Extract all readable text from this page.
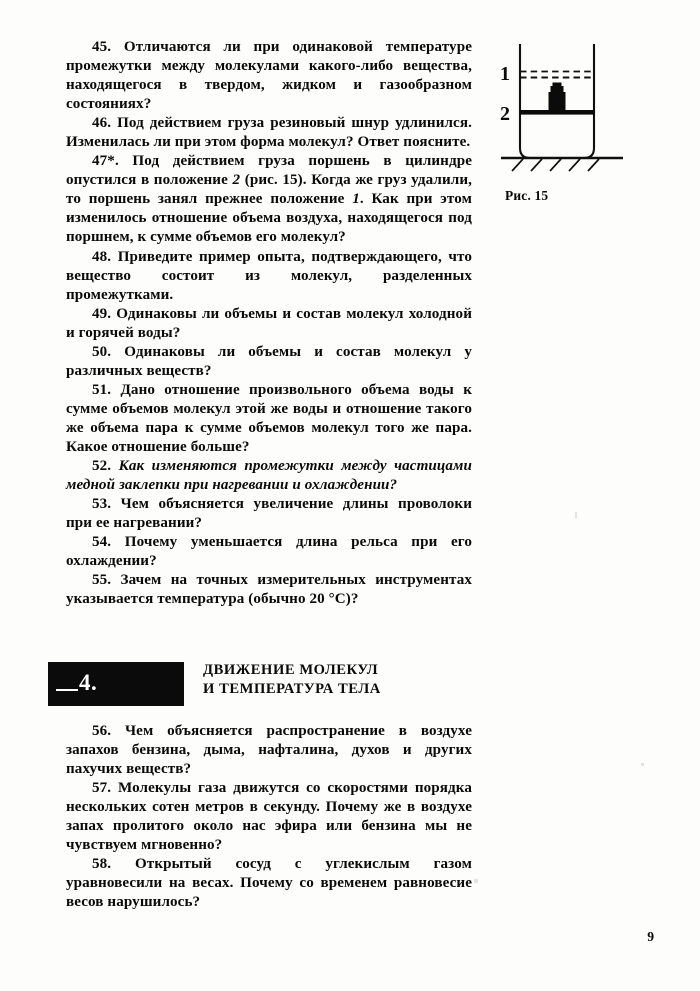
45. Отличаются ли при одинаковой температуре промежутки между молекулами какого-либо вещества, находящегося в твердом, жидком и газообразном состояниях?

46. Под действием груза резиновый шнур удлинился. Изменилась ли при этом форма молекул? Ответ поясните.

47*. Под действием груза поршень в цилиндре опустился в положение 2 (рис. 15). Когда же груз удалили, то поршень занял прежнее положение 1. Как при этом изменилось отношение объема воздуха, находящегося под поршнем, к сумме объемов его молекул?

48. Приведите пример опыта, подтверждающего, что вещество состоит из молекул, разделенных промежутками.

49. Одинаковы ли объемы и состав молекул холодной и горячей воды?

50. Одинаковы ли объемы и состав молекул у различных веществ?

51. Дано отношение произвольного объема воды к сумме объемов молекул этой же воды и отношение такого же объема пара к сумме объемов молекул того же пара. Какое отношение больше?

52. Как изменяются промежутки между частицами медной заклепки при нагревании и охлаждении?

53. Чем объясняется увеличение длины проволоки при ее нагревании?

54. Почему уменьшается длина рельса при его охлаждении?

55. Зачем на точных измерительных инструментах указывается температура (обычно 20 °C)?

1
2
Рис. 15
4.	ДВИЖЕНИЕ МОЛЕКУЛ
И ТЕМПЕРАТУРА ТЕЛА

56. Чем объясняется распространение в воздухе запахов бензина, дыма, нафталина, духов и других пахучих веществ?

57. Молекулы газа движутся со скоростями порядка нескольких сотен метров в секунду. Почему же в воздухе запах пролитого около нас эфира или бензина мы не чувствуем мгновенно?

58. Открытый сосуд с углекислым газом уравновесили на весах. Почему со временем равновесие весов нарушилось?

9
